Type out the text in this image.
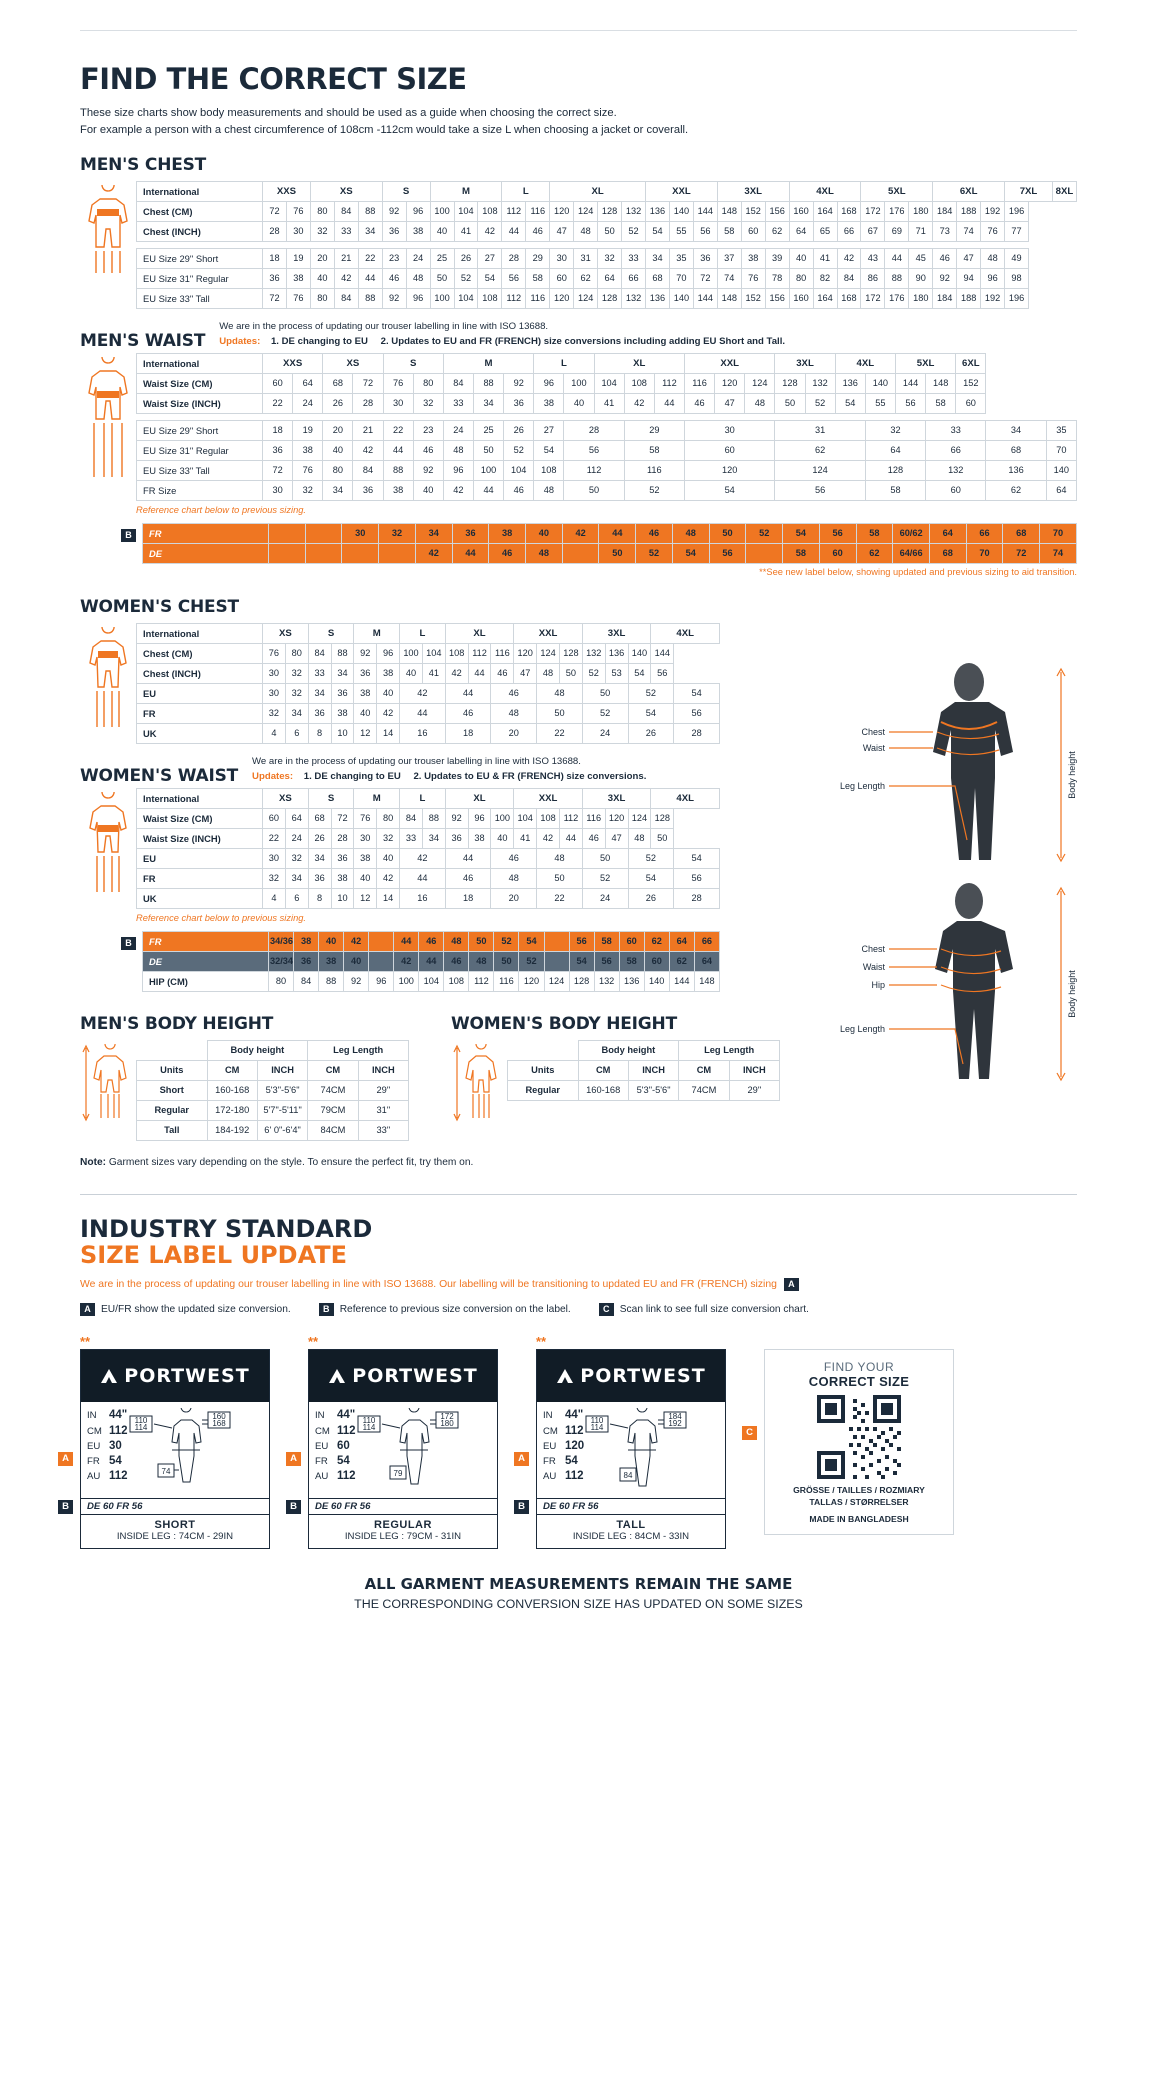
FIND THE CORRECT SIZE
These size charts show body measurements and should be used as a guide when choosing the correct size.
For example a person with a chest circumference of 108cm -112cm would take a size L when choosing a jacket or coverall.
MEN'S CHEST
International	XXS		XS			S		M			L		XL				XXL			3XL			4XL			5XL			6XL			7XL	8XL
Chest (CM)	72	76	80	84	88	92	96	100	104	108	112	116	120	124	128	132	136	140	144	148	152	156	160	164	168	172	176	180	184	188	192	196	
Chest (INCH)	28	30	32	33	34	36	38	40	41	42	44	46	47	48	50	52	54	55	56	58	60	62	64	65	66	67	69	71	73	74	76	77	

EU Size 29" Short	18	19	20	21	22	23	24	25	26	27	28	29	30	31	32	33	34	35	36	37	38	39	40	41	42	43	44	45	46	47	48	49	
EU Size 31" Regular	36	38	40	42	44	46	48	50	52	54	56	58	60	62	64	66	68	70	72	74	76	78	80	82	84	86	88	90	92	94	96	98	
EU Size 33" Tall	72	76	80	84	88	92	96	100	104	108	112	116	120	124	128	132	136	140	144	148	152	156	160	164	168	172	176	180	184	188	192	196	
MEN'S WAIST
We are in the process of updating our trouser labelling in line with ISO 13688.
Updates: 1. DE changing to EU 2. Updates to EU and FR (FRENCH) size conversions including adding EU Short and Tall.
International	XXS		XS		S		M			L		XL			XXL			3XL		4XL		5XL		6XL		
Waist Size (CM)	60	64	68	72	76	80	84	88	92	96	100	104	108	112	116	120	124	128	132	136	140	144	148	152		
Waist Size (INCH)	22	24	26	28	30	32	33	34	36	38	40	41	42	44	46	47	48	50	52	54	55	56	58	60		

EU Size 29" Short	18	19	20	21	22	23	24	25	26	27	28		29		30			31			32		33		34	35
EU Size 31" Regular	36	38	40	42	44	46	48	50	52	54	56		58		60			62			64		66		68	70
EU Size 33" Tall	72	76	80	84	88	92	96	100	104	108	112		116		120			124			128		132		136	140
FR Size	30	32	34	36	38	40	42	44	46	48	50		52		54			56			58		60		62	64
Reference chart below to previous sizing.
B	FR			30	32	34	36	38	40	42	44	46	48	50	52	54	56	58	60/62	64	66	68	70
DE					42	44	46	48		50	52	54	56		58	60	62	64/66	68	70	72	74
**See new label below, showing updated and previous sizing to aid transition.
WOMEN'S CHEST
International	XS		S		M		L		XL			XXL			3XL			4XL	
Chest (CM)	76	80	84	88	92	96	100	104	108	112	116	120	124	128	132	136	140	144	
Chest (INCH)	30	32	33	34	36	38	40	41	42	44	46	47	48	50	52	53	54	56	
EU	30	32	34	36	38	40	42		44		46		48		50		52		54
FR	32	34	36	38	40	42	44		46		48		50		52		54		56
UK	4	6	8	10	12	14	16		18		20		22		24		26		28
WOMEN'S WAIST
We are in the process of updating our trouser labelling in line with ISO 13688.
Updates: 1. DE changing to EU 2. Updates to EU & FR (FRENCH) size conversions.
International	XS		S		M		L		XL			XXL			3XL			4XL	
Waist Size (CM)	60	64	68	72	76	80	84	88	92	96	100	104	108	112	116	120	124	128	
Waist Size (INCH)	22	24	26	28	30	32	33	34	36	38	40	41	42	44	46	47	48	50	
EU	30	32	34	36	38	40	42		44		46		48		50		52		54
FR	32	34	36	38	40	42	44		46		48		50		52		54		56
UK	4	6	8	10	12	14	16		18		20		22		24		26		28
Reference chart below to previous sizing.
B	FR	34/36	38	40	42		44	46	48	50	52	54		56	58	60	62	64	66
DE	32/34	36	38	40		42	44	46	48	50	52		54	56	58	60	62	64
HIP (CM)	80	84	88	92	96	100	104	108	112	116	120	124	128	132	136	140	144	148
Chest
Waist
Leg Length	Body height
Chest
Waist
Hip
Leg Length
Body height
MEN'S BODY HEIGHT
	Body height		Leg Length	
Units	CM	INCH	CM	INCH
Short	160-168	5'3"-5'6"	74CM	29"
Regular	172-180	5'7"-5'11"	79CM	31"
Tall	184-192	6' 0"-6'4"	84CM	33"
WOMEN'S BODY HEIGHT
	Body height		Leg Length	
Units	CM	INCH	CM	INCH
Regular	160-168	5'3"-5'6"	74CM	29"
Note: Garment sizes vary depending on the style. To ensure the perfect fit, try them on.
INDUSTRY STANDARD
SIZE LABEL UPDATE
We are in the process of updating our trouser labelling in line with ISO 13688. Our labelling will be transitioning to updated EU and FR (FRENCH) sizing A
A	EU/FR show the updated size conversion.	B	Reference to previous size conversion on the label.	C	Scan link to see full size conversion chart.
**
PORTWEST
IN 44"
CM 112
EU 30
FR 54
AU 112
110
114
160
168
74
DE 60 FR 56
SHORT
INSIDE LEG : 74CM - 29IN
A
B
**
PORTWEST
IN 44"
CM 112
EU 60
FR 54
AU 112
110
114
172
180
79
DE 60 FR 56
REGULAR
INSIDE LEG : 79CM - 31IN
A
B
**
PORTWEST
IN 44"
CM 112
EU 120
FR 54
AU 112
110
114
184
192
84
DE 60 FR 56
TALL
INSIDE LEG : 84CM - 33IN
A
B
FIND YOUR
CORRECT SIZE
GRÖSSE / TAILLES / ROZMIARY
TALLAS / STØRRELSER
MADE IN BANGLADESH
C
ALL GARMENT MEASUREMENTS REMAIN THE SAME
THE CORRESPONDING CONVERSION SIZE HAS UPDATED ON SOME SIZES
